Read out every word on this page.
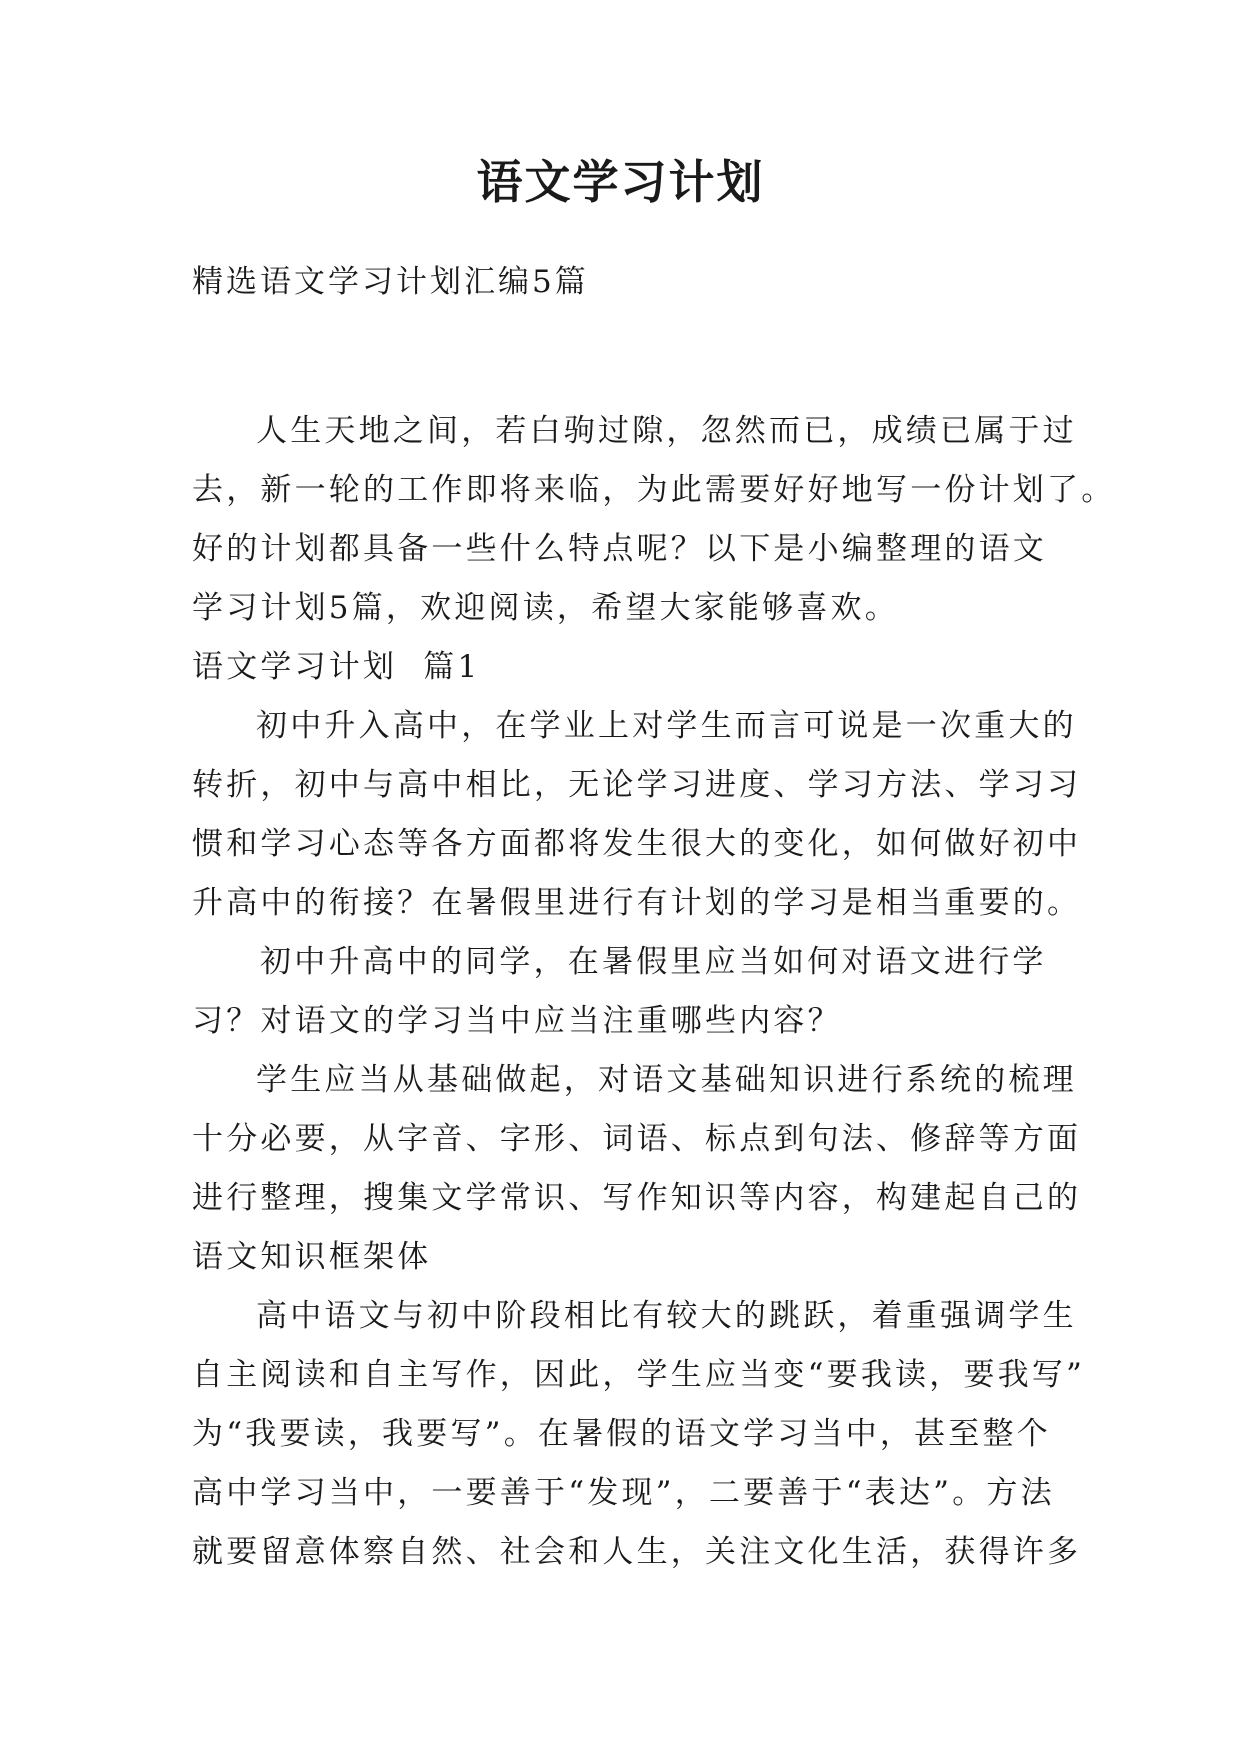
语文学习计划
精选语文学习计划汇编5篇
人生天地之间，若白驹过隙，忽然而已，成绩已属于过
去，新一轮的工作即将来临，为此需要好好地写一份计划了。
好的计划都具备一些什么特点呢？以下是小编整理的语文
学习计划5篇，欢迎阅读，希望大家能够喜欢。
语文学习计划  篇1
初中升入高中，在学业上对学生而言可说是一次重大的
转折，初中与高中相比，无论学习进度、学习方法、学习习
惯和学习心态等各方面都将发生很大的变化，如何做好初中
升高中的衔接？在暑假里进行有计划的学习是相当重要的。
初中升高中的同学，在暑假里应当如何对语文进行学
习？对语文的学习当中应当注重哪些内容？
学生应当从基础做起，对语文基础知识进行系统的梳理
十分必要，从字音、字形、词语、标点到句法、修辞等方面
进行整理，搜集文学常识、写作知识等内容，构建起自己的
语文知识框架体
高中语文与初中阶段相比有较大的跳跃，着重强调学生
自主阅读和自主写作，因此，学生应当变“要我读，要我写”
为“我要读，我要写”。在暑假的语文学习当中，甚至整个
高中学习当中，一要善于“发现”，二要善于“表达”。方法
就要留意体察自然、社会和人生，关注文化生活，获得许多
